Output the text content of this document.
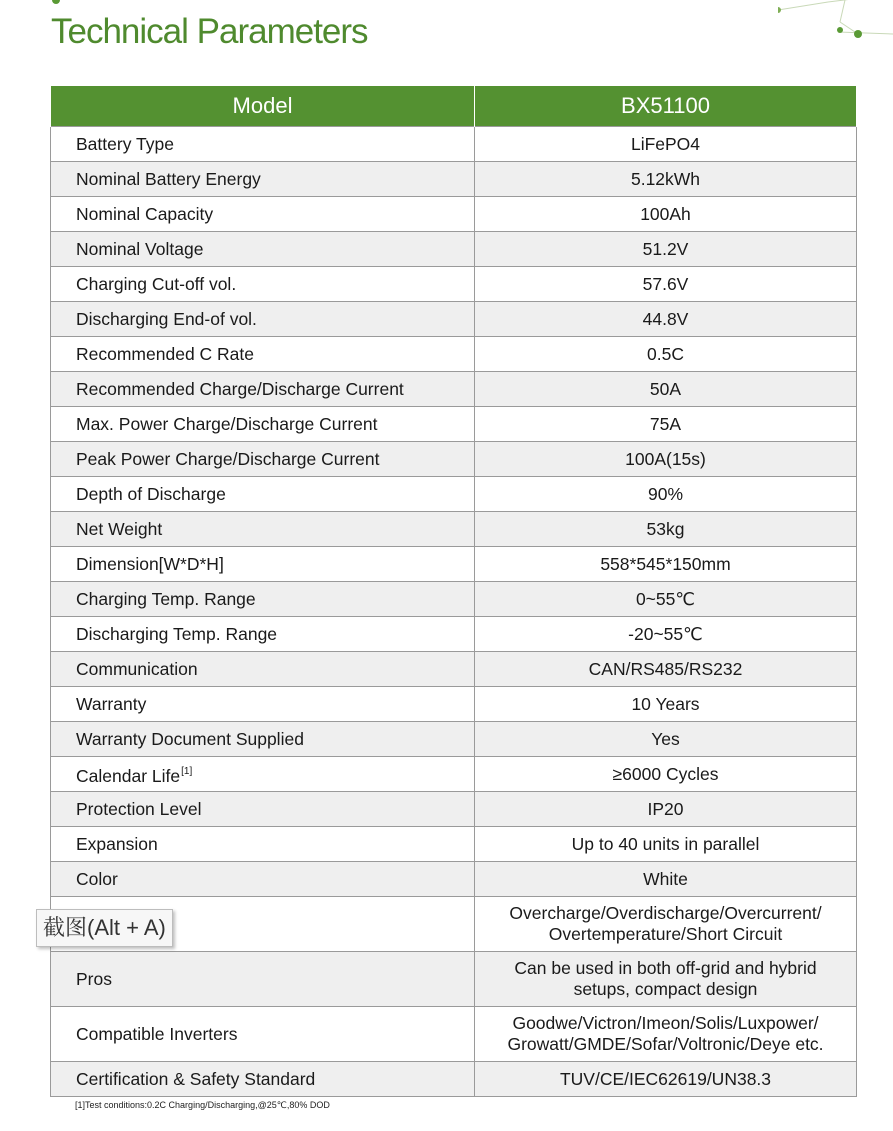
Technical Parameters
Model	BX51100
Battery Type	LiFePO4
Nominal Battery Energy	5.12kWh
Nominal Capacity	100Ah
Nominal Voltage	51.2V
Charging Cut-off vol.	57.6V
Discharging End-of vol.	44.8V
Recommended C Rate	0.5C
Recommended Charge/Discharge Current	50A
Max. Power Charge/Discharge Current	75A
Peak Power Charge/Discharge Current	100A(15s)
Depth of Discharge	90%
Net Weight	53kg
Dimension[W*D*H]	558*545*150mm
Charging Temp. Range	0~55℃
Discharging Temp. Range	-20~55℃
Communication	CAN/RS485/RS232
Warranty	10 Years
Warranty Document Supplied	Yes
Calendar Life[1]	≥6000 Cycles
Protection Level	IP20
Expansion	Up to 40 units in parallel
Color	White

	Overcharge/Overdischarge/Overcurrent/
Overtemperature/Short Circuit

Pros	Can be used in both off-grid and hybrid
setups, compact design

Compatible Inverters	Goodwe/Victron/Imeon/Solis/Luxpower/
Growatt/GMDE/Sofar/Voltronic/Deye etc.

Certification & Safety Standard	TUV/CE/IEC62619/UN38.3
[1]Test conditions:0.2C Charging/Discharging,@25℃,80% DOD
截图(Alt + A)
